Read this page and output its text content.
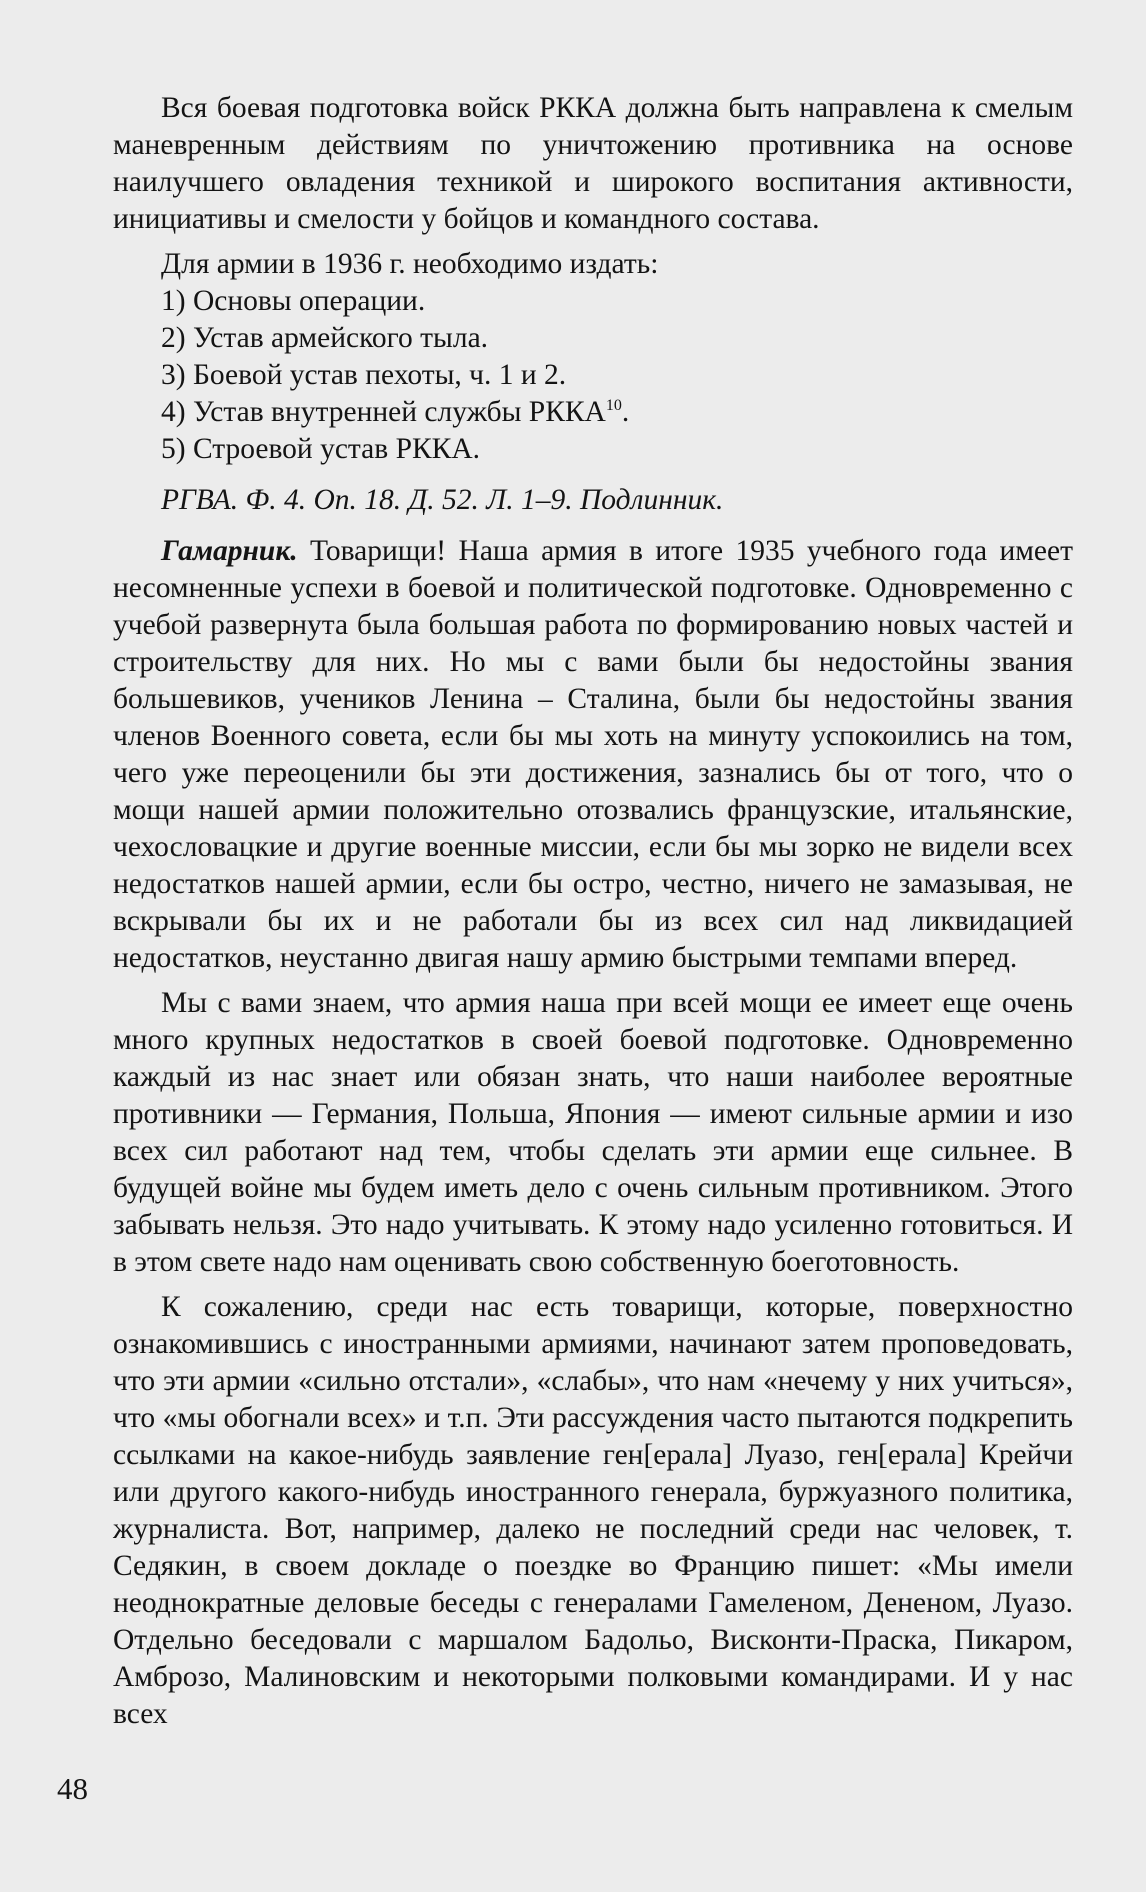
Вся боевая подготовка войск РККА должна быть направлена к смелым маневренным действиям по уничтожению противника на основе наилучшего овладения техникой и широкого воспитания активности, инициативы и смелости у бойцов и командного состава.

Для армии в 1936 г. необходимо издать:

1) Основы операции.

2) Устав армейского тыла.

3) Боевой устав пехоты, ч. 1 и 2.

4) Устав внутренней службы РККА$^{10}$.

5) Строевой устав РККА.

РГВА. Ф. 4. Оп. 18. Д. 52. Л. 1–9. Подлинник.

Гамарник. Товарищи! Наша армия в итоге 1935 учебного года имеет несомненные успехи в боевой и политической подготовке. Одновременно с учебой развернута была большая работа по формированию новых частей и строительству для них. Но мы с вами были бы недостойны звания большевиков, учеников Ленина – Сталина, были бы недостойны звания членов Военного совета, если бы мы хоть на минуту успокоились на том, чего уже переоценили бы эти достижения, зазнались бы от того, что о мощи нашей армии положительно отозвались французские, итальянские, чехословацкие и другие военные миссии, если бы мы зорко не видели всех недостатков нашей армии, если бы остро, честно, ничего не замазывая, не вскрывали бы их и не работали бы из всех сил над ликвидацией недостатков, неустанно двигая нашу армию быстрыми темпами вперед.

Мы с вами знаем, что армия наша при всей мощи ее имеет еще очень много крупных недостатков в своей боевой подготовке. Одновременно каждый из нас знает или обязан знать, что наши наиболее вероятные противники — Германия, Польша, Япония — имеют сильные армии и изо всех сил работают над тем, чтобы сделать эти армии еще сильнее. В будущей войне мы будем иметь дело с очень сильным противником. Этого забывать нельзя. Это надо учитывать. К этому надо усиленно готовиться. И в этом свете надо нам оценивать свою собственную боеготовность.

К сожалению, среди нас есть товарищи, которые, поверхностно ознакомившись с иностранными армиями, начинают затем проповедовать, что эти армии «сильно отстали», «слабы», что нам «нечему у них учиться», что «мы обогнали всех» и т.п. Эти рассуждения часто пытаются подкрепить ссылками на какое-нибудь заявление ген[ерала] Луазо, ген[ерала] Крейчи или другого какого-нибудь иностранного генерала, буржуазного политика, журналиста. Вот, например, далеко не последний среди нас человек, т. Седякин, в своем докладе о поездке во Францию пишет: «Мы имели неоднократные деловые беседы с генералами Гамеленом, Дененом, Луазо. Отдельно беседовали с маршалом Бадольо, Висконти-Праска, Пикаром, Амброзо, Малиновским и некоторыми полковыми командирами. И у нас всех

48
